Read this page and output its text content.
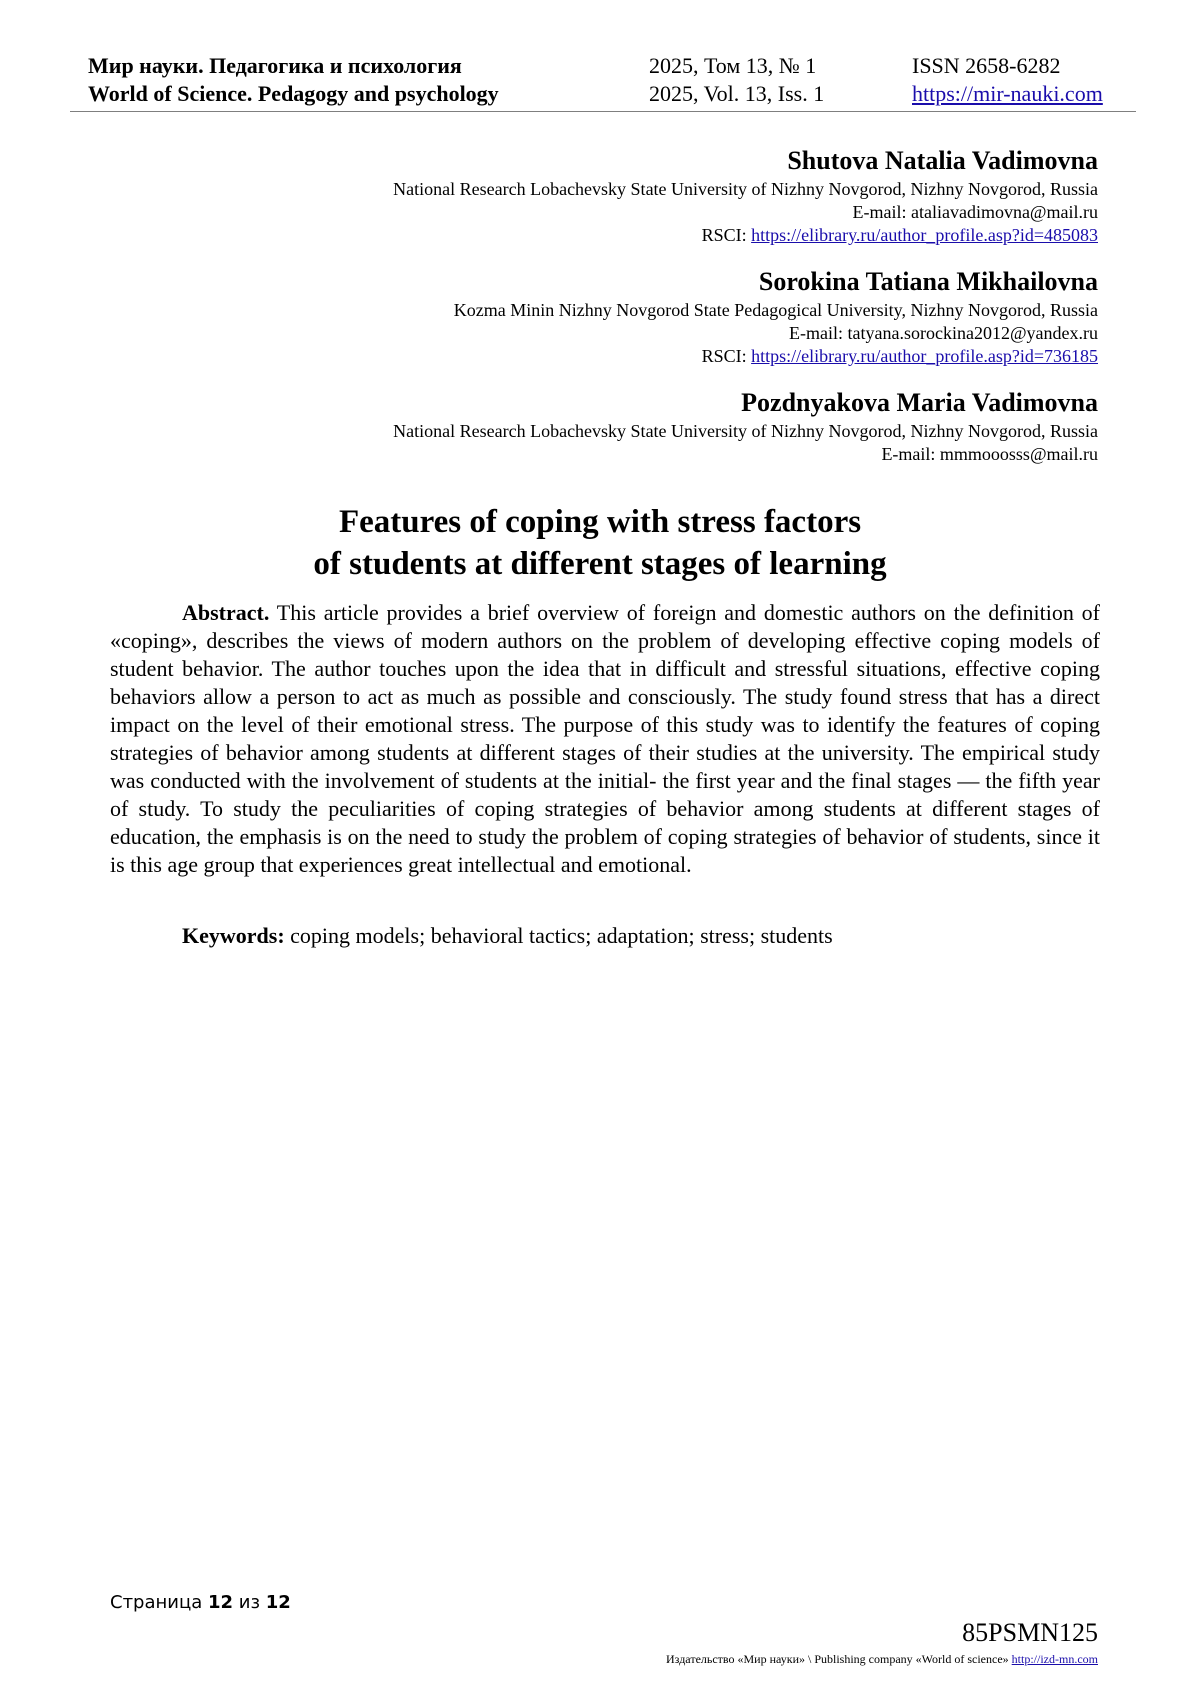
Мир науки. Педагогика и психология	2025, Том 13, № 1	ISSN 2658-6282
World of Science. Pedagogy and psychology	2025, Vol. 13, Iss. 1	https://mir-nauki.com
Shutova Natalia Vadimovna
National Research Lobachevsky State University of Nizhny Novgorod, Nizhny Novgorod, Russia
E-mail: ataliavadimovna@mail.ru
RSCI: https://elibrary.ru/author_profile.asp?id=485083
Sorokina Tatiana Mikhailovna
Kozma Minin Nizhny Novgorod State Pedagogical University, Nizhny Novgorod, Russia
E-mail: tatyana.sorockina2012@yandex.ru
RSCI: https://elibrary.ru/author_profile.asp?id=736185
Pozdnyakova Maria Vadimovna
National Research Lobachevsky State University of Nizhny Novgorod, Nizhny Novgorod, Russia
E-mail: mmmooosss@mail.ru
Features of coping with stress factors
of students at different stages of learning

Abstract. This article provides a brief overview of foreign and domestic authors on the definition of «coping», describes the views of modern authors on the problem of developing effective coping models of student behavior. The author touches upon the idea that in difficult and stressful situations, effective coping behaviors allow a person to act as much as possible and consciously. The study found stress that has a direct impact on the level of their emotional stress. The purpose of this study was to identify the features of coping strategies of behavior among students at different stages of their studies at the university. The empirical study was conducted with the involvement of students at the initial- the first year and the final stages — the fifth year of study. To study the peculiarities of coping strategies of behavior among students at different stages of education, the emphasis is on the need to study the problem of coping strategies of behavior of students, since it is this age group that experiences great intellectual and emotional.

Keywords: coping models; behavioral tactics; adaptation; stress; students
Страница 12 из 12
85PSMN125
Издательство «Мир науки» \ Publishing company «World of science» http://izd-mn.com
